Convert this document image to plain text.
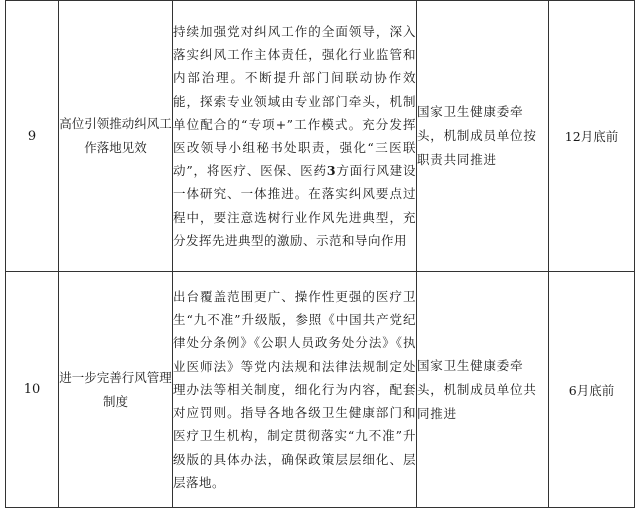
9	高位引领推动纠风工作落地见效	持续加强党对纠风工作的全面领导，深入落实纠风工作主体责任，强化行业监管和内部治理。不断提升部门间联动协作效能，探索专业领域由专业部门牵头，机制单位配合的“专项+”工作模式。充分发挥医改领导小组秘书处职责，强化“三医联动”，将医疗、医保、医药3方面行风建设一体研究、一体推进。在落实纠风要点过程中，要注意选树行业作风先进典型，充分发挥先进典型的激励、示范和导向作用	国家卫生健康委牵头，机制成员单位按职责共同推进	12月底前
10	进一步完善行风管理制度	出台覆盖范围更广、操作性更强的医疗卫生“九不准”升级版，参照《中国共产党纪律处分条例》《公职人员政务处分法》《执业医师法》等党内法规和法律法规制定处理办法等相关制度，细化行为内容，配套对应罚则。指导各地各级卫生健康部门和医疗卫生机构，制定贯彻落实“九不准”升级版的具体办法，确保政策层层细化、层层落地。	国家卫生健康委牵头，机制成员单位共同推进	6月底前
